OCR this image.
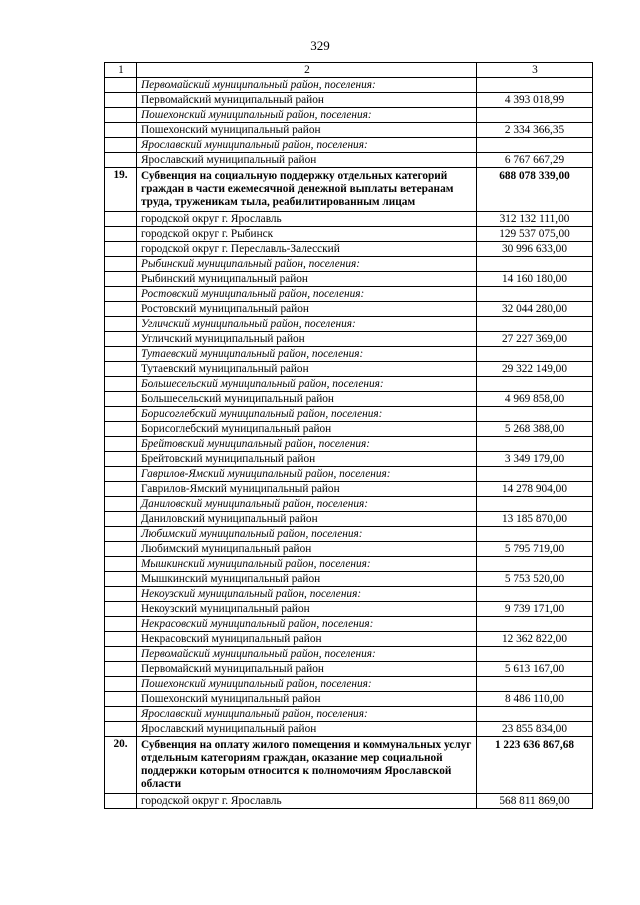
329
1	2	3
	Первомайский муниципальный район, поселения:	
	Первомайский муниципальный район	4 393 018,99
	Пошехонский муниципальный район, поселения:	
	Пошехонский муниципальный район	2 334 366,35
	Ярославский муниципальный район, поселения:	
	Ярославский муниципальный район	6 767 667,29
19.	Субвенция на социальную поддержку отдельных категорий граждан в части ежемесячной денежной выплаты ветеранам труда, труженикам тыла, реабилитированным лицам	688 078 339,00
	городской округ г. Ярославль	312 132 111,00
	городской округ г. Рыбинск	129 537 075,00
	городской округ г. Переславль-Залесский	30 996 633,00
	Рыбинский муниципальный район, поселения:	
	Рыбинский муниципальный район	14 160 180,00
	Ростовский муниципальный район, поселения:	
	Ростовский муниципальный район	32 044 280,00
	Угличский муниципальный район, поселения:	
	Угличский муниципальный район	27 227 369,00
	Тутаевский муниципальный район, поселения:	
	Тутаевский муниципальный район	29 322 149,00
	Большесельский муниципальный район, поселения:	
	Большесельский муниципальный район	4 969 858,00
	Борисоглебский муниципальный район, поселения:	
	Борисоглебский муниципальный район	5 268 388,00
	Брейтовский муниципальный район, поселения:	
	Брейтовский муниципальный район	3 349 179,00
	Гаврилов-Ямский муниципальный район, поселения:	
	Гаврилов-Ямский муниципальный район	14 278 904,00
	Даниловский муниципальный район, поселения:	
	Даниловский муниципальный район	13 185 870,00
	Любимский муниципальный район, поселения:	
	Любимский муниципальный район	5 795 719,00
	Мышкинский муниципальный район, поселения:	
	Мышкинский муниципальный район	5 753 520,00
	Некоузский муниципальный район, поселения:	
	Некоузский муниципальный район	9 739 171,00
	Некрасовский муниципальный район, поселения:	
	Некрасовский муниципальный район	12 362 822,00
	Первомайский муниципальный район, поселения:	
	Первомайский муниципальный район	5 613 167,00
	Пошехонский муниципальный район, поселения:	
	Пошехонский муниципальный район	8 486 110,00
	Ярославский муниципальный район, поселения:	
	Ярославский муниципальный район	23 855 834,00
20.	Субвенция на оплату жилого помещения и коммунальных услуг отдельным категориям граждан, оказание мер социальной поддержки которым относится к полномочиям Ярославской области	1 223 636 867,68
	городской округ г. Ярославль	568 811 869,00
